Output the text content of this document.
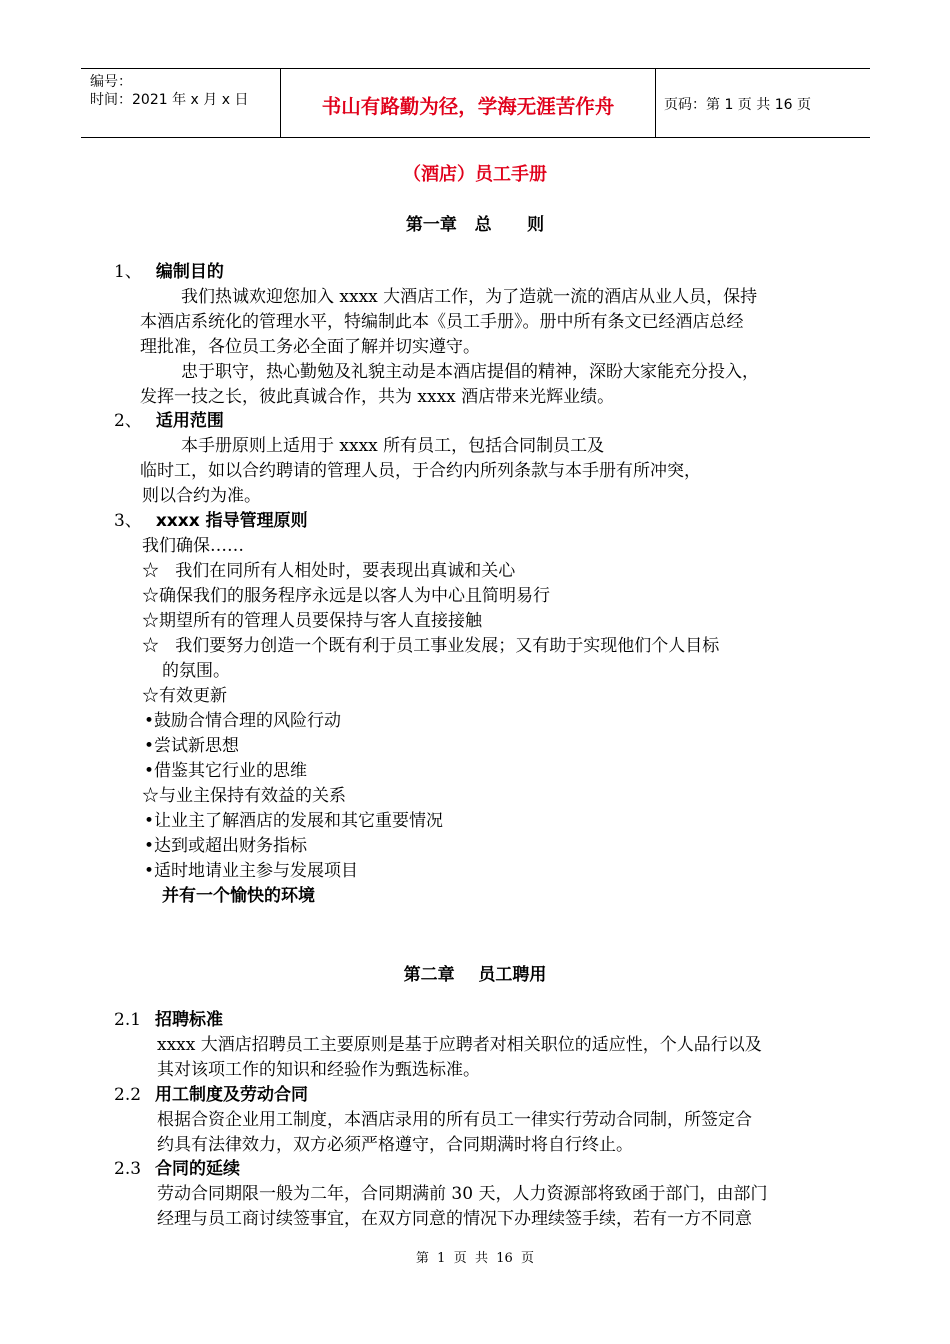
编号：
时间：2021 年 x 月 x 日	书山有路勤为径，学海无涯苦作舟	页码：第 1 页 共 16 页
（酒店）员工手册
第一章   总      则
1、 编制目的
我们热诚欢迎您加入 xxxx 大酒店工作，为了造就一流的酒店从业人员，保持
本酒店系统化的管理水平，特编制此本《员工手册》。册中所有条文已经酒店总经
理批准，各位员工务必全面了解并切实遵守。
忠于职守，热心勤勉及礼貌主动是本酒店提倡的精神，深盼大家能充分投入，
发挥一技之长，彼此真诚合作，共为 xxxx 酒店带来光辉业绩。
2、 适用范围
本手册原则上适用于 xxxx 所有员工，包括合同制员工及
临时工，如以合约聘请的管理人员，于合约内所列条款与本手册有所冲突，
则以合约为准。
3、 xxxx 指导管理原则
我们确保……
☆   我们在同所有人相处时，要表现出真诚和关心
☆确保我们的服务程序永远是以客人为中心且简明易行
☆期望所有的管理人员要保持与客人直接接触
☆   我们要努力创造一个既有利于员工事业发展；又有助于实现他们个人目标
的氛围。
☆有效更新
•鼓励合情合理的风险行动
•尝试新思想
•借鉴其它行业的思维
☆与业主保持有效益的关系
•让业主了解酒店的发展和其它重要情况
•达到或超出财务指标
•适时地请业主参与发展项目
并有一个愉快的环境
第二章    员工聘用
2.1 招聘标准
xxxx 大酒店招聘员工主要原则是基于应聘者对相关职位的适应性，个人品行以及
其对该项工作的知识和经验作为甄选标准。
2.2 用工制度及劳动合同
根据合资企业用工制度，本酒店录用的所有员工一律实行劳动合同制，所签定合
约具有法律效力，双方必须严格遵守，合同期满时将自行终止。
2.3 合同的延续
劳动合同期限一般为二年，合同期满前 30 天，人力资源部将致函于部门，由部门
经理与员工商讨续签事宜，在双方同意的情况下办理续签手续，若有一方不同意
第  1  页  共  16  页
